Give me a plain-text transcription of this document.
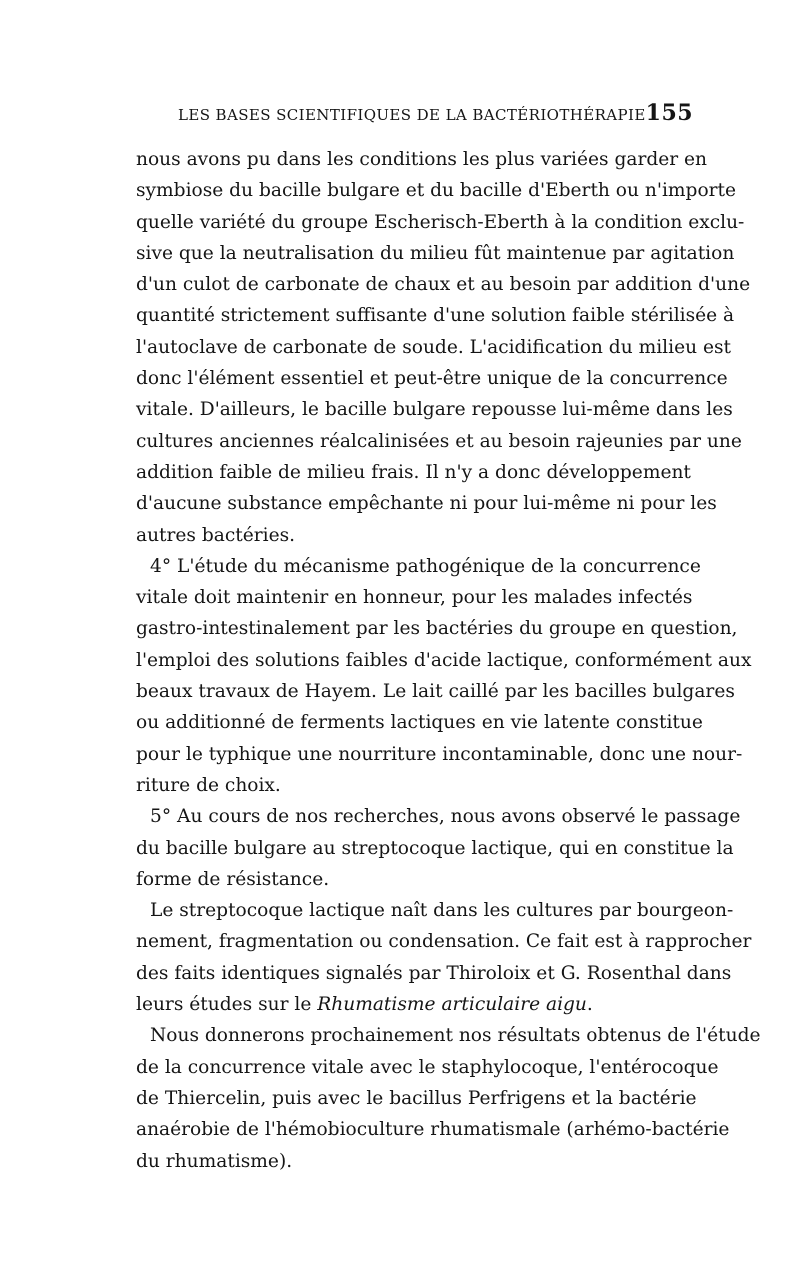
LES BASES SCIENTIFIQUES DE LA BACTÉRIOTHÉRAPIE 155
nous avons pu dans les conditions les plus variées garder en
symbiose du bacille bulgare et du bacille d'Eberth ou n'importe
quelle variété du groupe Escherisch-Eberth à la condition exclu-
sive que la neutralisation du milieu fût maintenue par agitation
d'un culot de carbonate de chaux et au besoin par addition d'une
quantité strictement suffisante d'une solution faible stérilisée à
l'autoclave de carbonate de soude. L'acidification du milieu est
donc l'élément essentiel et peut-être unique de la concurrence
vitale. D'ailleurs, le bacille bulgare repousse lui-même dans les
cultures anciennes réalcalinisées et au besoin rajeunies par une
addition faible de milieu frais. Il n'y a donc développement
d'aucune substance empêchante ni pour lui-même ni pour les
autres bactéries.
4° L'étude du mécanisme pathogénique de la concurrence
vitale doit maintenir en honneur, pour les malades infectés
gastro-intestinalement par les bactéries du groupe en question,
l'emploi des solutions faibles d'acide lactique, conformément aux
beaux travaux de Hayem. Le lait caillé par les bacilles bulgares
ou additionné de ferments lactiques en vie latente constitue
pour le typhique une nourriture incontaminable, donc une nour-
riture de choix.
5° Au cours de nos recherches, nous avons observé le passage
du bacille bulgare au streptocoque lactique, qui en constitue la
forme de résistance.
Le streptocoque lactique naît dans les cultures par bourgeon-
nement, fragmentation ou condensation. Ce fait est à rapprocher
des faits identiques signalés par Thiroloix et G. Rosenthal dans
leurs études sur le Rhumatisme articulaire aigu.
Nous donnerons prochainement nos résultats obtenus de l'étude
de la concurrence vitale avec le staphylocoque, l'entérocoque
de Thiercelin, puis avec le bacillus Perfrigens et la bactérie
anaérobie de l'hémobioculture rhumatismale (arhémo-bactérie
du rhumatisme).
